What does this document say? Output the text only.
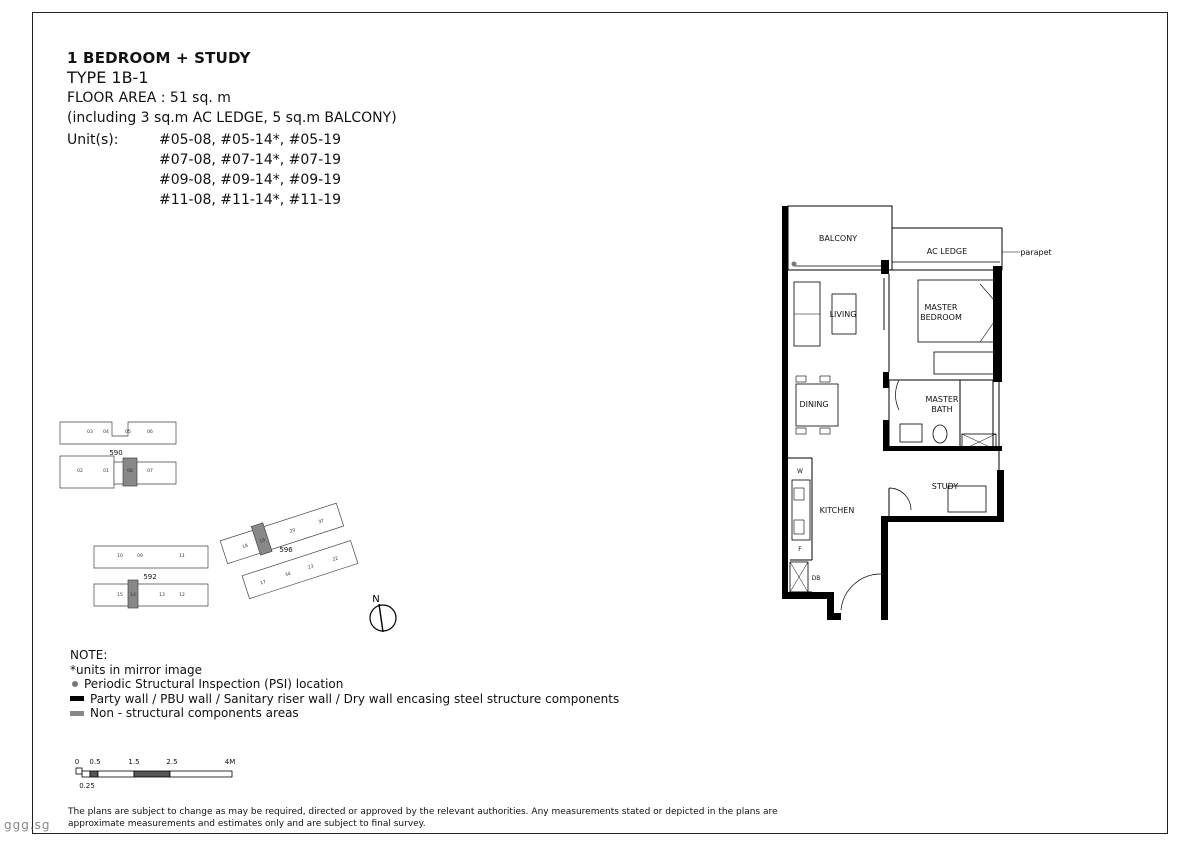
1 BEDROOM + STUDY
TYPE 1B-1
FLOOR AREA : 51 sq. m
(including 3 sq.m AC LEDGE, 5 sq.m BALCONY)
Unit(s):	#05-08, #05-14*, #05-19
#07-08, #07-14*, #07-19
#09-08, #09-14*, #09-19
#11-08, #11-14*, #11-19
BALCONY
AC LEDGE	parapet
LIVING
MASTER
BEDROOM
MASTER
BATH
DINING
KITCHEN
STUDY
W
F
DB
03 04	05	06
02	01	08	07
590
10	09	11
15 14	13	12
592
18
19
20
37
17
34
23
22
596
N
0 0.5	1.5	2.5	4M
0.25
NOTE:
*units in mirror image
Periodic Structural Inspection (PSI) location
Party wall / PBU wall / Sanitary riser wall / Dry wall encasing steel structure components
Non - structural components areas
The plans are subject to change as may be required, directed or approved by the relevant authorities. Any measurements stated or depicted in the plans are approximate measurements and estimates only and are subject to final survey.
ggg.sg
